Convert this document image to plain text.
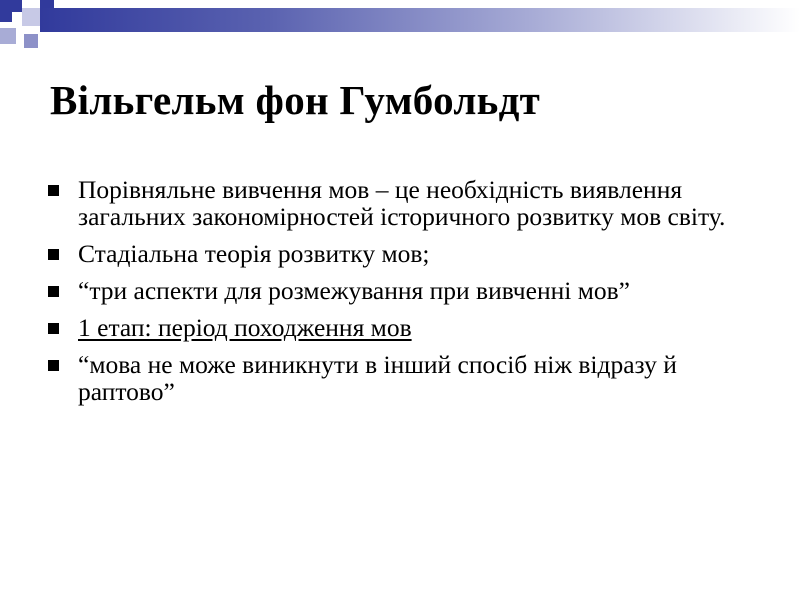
Вільгельм фон Гумбольдт
Порівняльне вивчення мов – це необхідність виявлення загальних закономірностей історичного розвитку мов світу.
Стадіальна теорія розвитку мов;
“три аспекти для розмежування при вивченні мов”
1 етап: період походження мов
“мова не може виникнути в інший спосіб ніж відразу й раптово”
